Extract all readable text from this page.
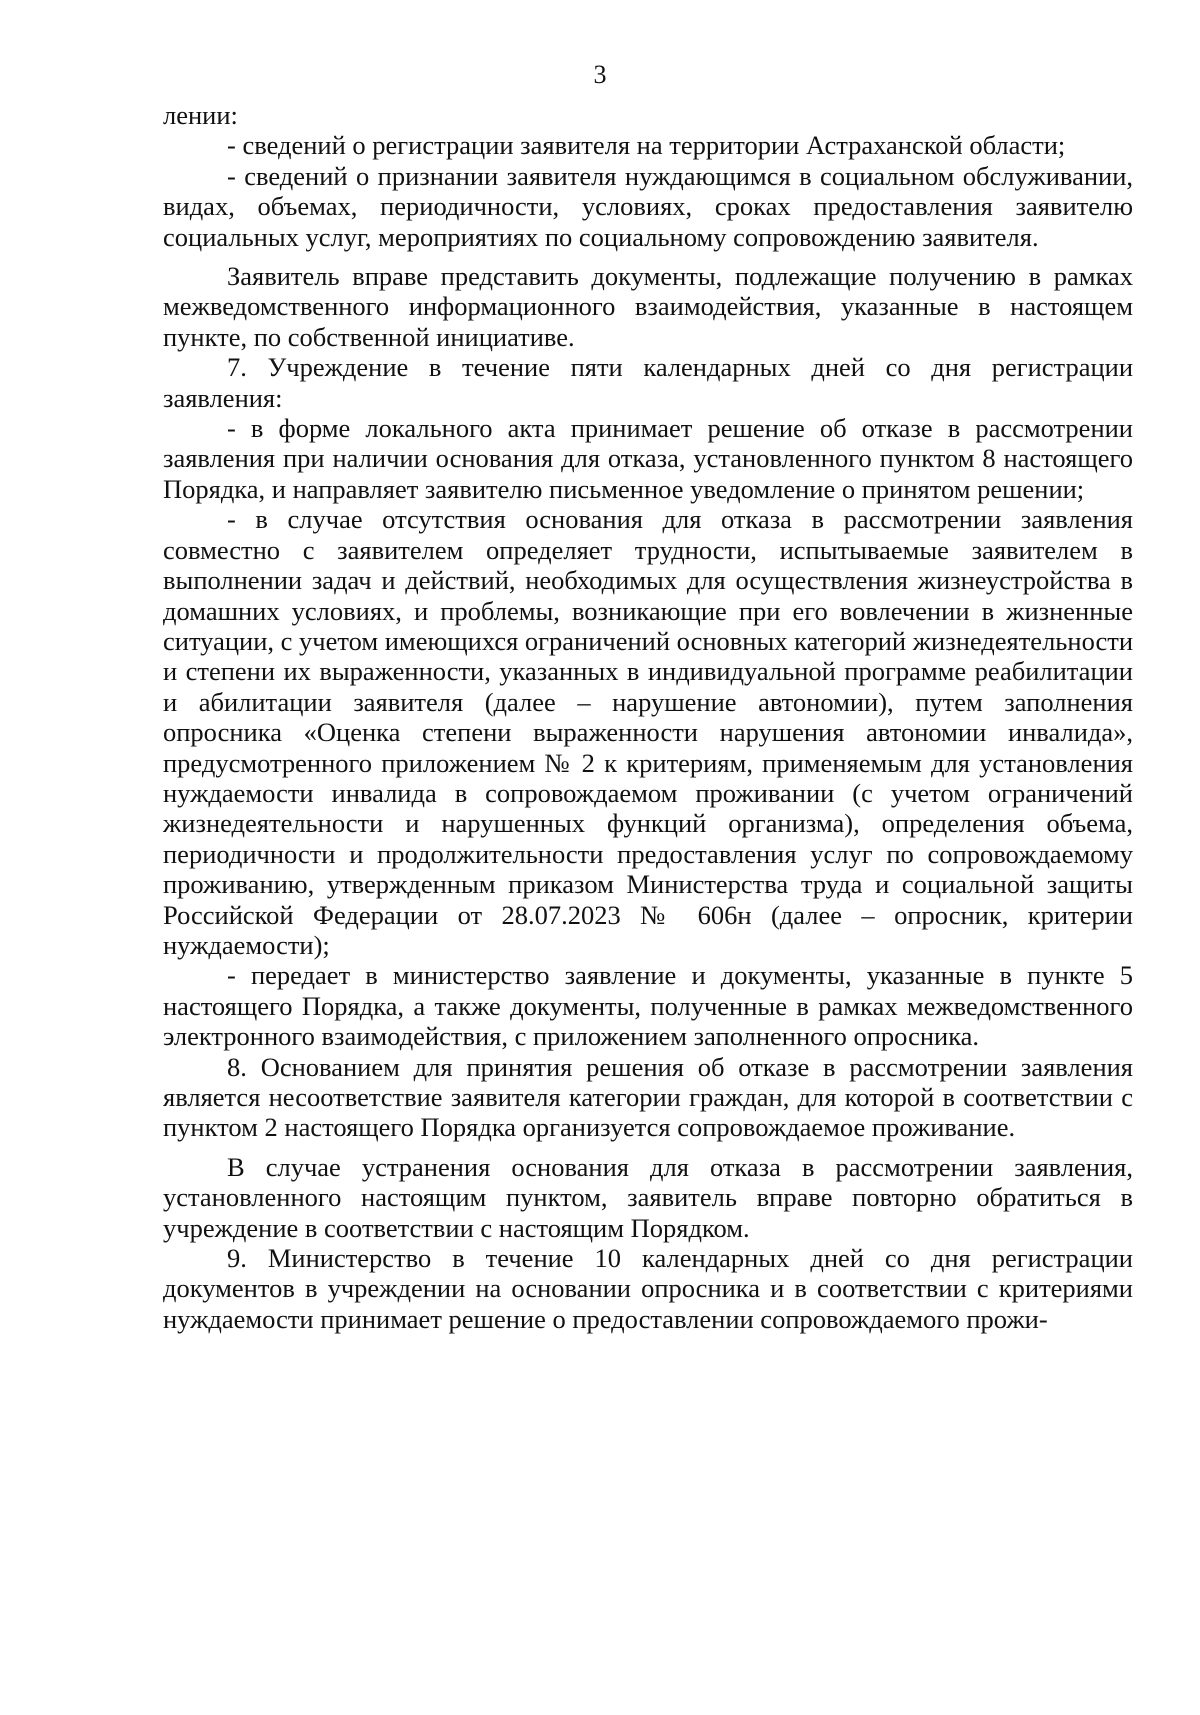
3

лении:

- сведений о регистрации заявителя на территории Астраханской области;

- сведений о признании заявителя нуждающимся в социальном обслуживании, видах, объемах, периодичности, условиях, сроках предоставления заявителю социальных услуг, мероприятиях по социальному сопровождению заявителя.

Заявитель вправе представить документы, подлежащие получению в рамках межведомственного информационного взаимодействия, указанные в настоящем пункте, по собственной инициативе.

7. Учреждение в течение пяти календарных дней со дня регистрации заявления:

- в форме локального акта принимает решение об отказе в рассмотрении заявления при наличии основания для отказа, установленного пунктом 8 настоящего Порядка, и направляет заявителю письменное уведомление о принятом решении;

- в случае отсутствия основания для отказа в рассмотрении заявления совместно с заявителем определяет трудности, испытываемые заявителем в выполнении задач и действий, необходимых для осуществления жизнеустройства в домашних условиях, и проблемы, возникающие при его вовлечении в жизненные ситуации, с учетом имеющихся ограничений основных категорий жизнедеятельности и степени их выраженности, указанных в индивидуальной программе реабилитации и абилитации заявителя (далее – нарушение автономии), путем заполнения опросника «Оценка степени выраженности нарушения автономии инвалида», предусмотренного приложением № 2 к критериям, применяемым для установления нуждаемости инвалида в сопровождаемом проживании (с учетом ограничений жизнедеятельности и нарушенных функций организма), определения объема, периодичности и продолжительности предоставления услуг по сопровождаемому проживанию, утвержденным приказом Министерства труда и социальной защиты Российской Федерации от 28.07.2023 № 606н (далее – опросник, критерии нуждаемости);

- передает в министерство заявление и документы, указанные в пункте 5 настоящего Порядка, а также документы, полученные в рамках межведомственного электронного взаимодействия, с приложением заполненного опросника.

8. Основанием для принятия решения об отказе в рассмотрении заявления является несоответствие заявителя категории граждан, для которой в соответствии с пунктом 2 настоящего Порядка организуется сопровождаемое проживание.

В случае устранения основания для отказа в рассмотрении заявления, установленного настоящим пунктом, заявитель вправе повторно обратиться в учреждение в соответствии с настоящим Порядком.

9. Министерство в течение 10 календарных дней со дня регистрации документов в учреждении на основании опросника и в соответствии с критериями нуждаемости принимает решение о предоставлении сопровождаемого прожи-
